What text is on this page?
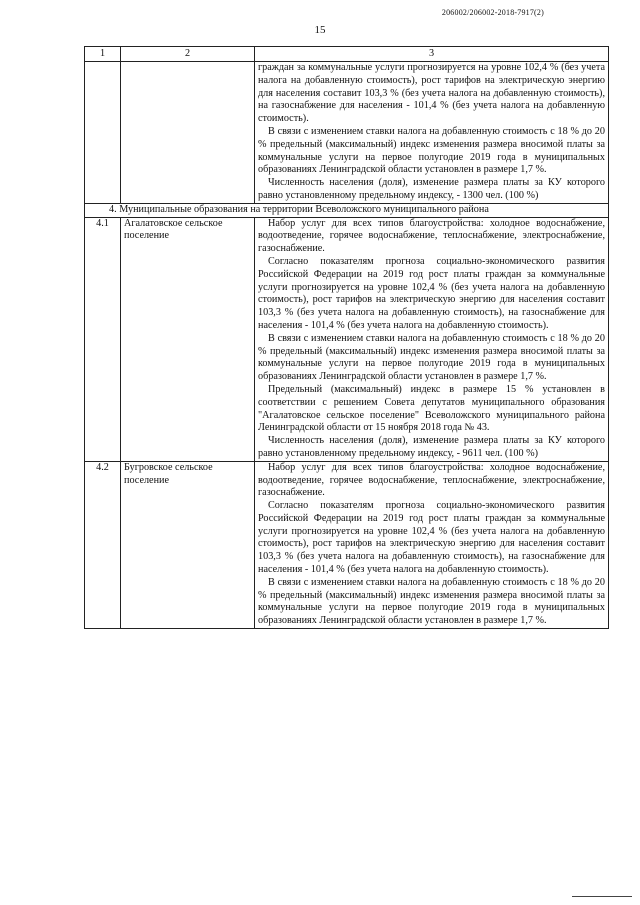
206002/206002-2018-7917(2)
15
1	2	3

		граждан за коммунальные услуги прогнозируется на уровне 102,4 % (без учета налога на добавленную стоимость), рост тарифов на электрическую энергию для населения составит 103,3 % (без учета налога на добавленную стоимость), на газоснабжение для населения - 101,4 % (без учета налога на добавленную стоимость).

В связи с изменением ставки налога на добавленную стоимость с 18 % до 20 % предельный (максимальный) индекс изменения размера вносимой платы за коммунальные услуги на первое полугодие 2019 года в муниципальных образованиях Ленинградской области установлен в размере 1,7 %.

Численность населения (доля), изменение размера платы за КУ которого равно установленному предельному индексу, - 1300 чел. (100 %)

4. Муниципальные образования на территории Всеволожского муниципального района		
4.1	Агалатовское сельское поселение	Набор услуг для всех типов благоустройства: холодное водоснабжение, водоотведение, горячее водоснабжение, теплоснабжение, электроснабжение, газоснабжение.

Согласно показателям прогноза социально-экономического развития Российской Федерации на 2019 год рост платы граждан за коммунальные услуги прогнозируется на уровне 102,4 % (без учета налога на добавленную стоимость), рост тарифов на электрическую энергию для населения составит 103,3 % (без учета налога на добавленную стоимость), на газоснабжение для населения - 101,4 % (без учета налога на добавленную стоимость).

В связи с изменением ставки налога на добавленную стоимость с 18 % до 20 % предельный (максимальный) индекс изменения размера вносимой платы за коммунальные услуги на первое полугодие 2019 года в муниципальных образованиях Ленинградской области установлен в размере 1,7 %.

Предельный (максимальный) индекс в размере 15 % установлен в соответствии с решением Совета депутатов муниципального образования "Агалатовское сельское поселение" Всеволожского муниципального района Ленинградской области от 15 ноября 2018 года № 43.

Численность населения (доля), изменение размера платы за КУ которого равно установленному предельному индексу, - 9611 чел. (100 %)

4.2	Бугровское сельское поселение	Набор услуг для всех типов благоустройства: холодное водоснабжение, водоотведение, горячее водоснабжение, теплоснабжение, электроснабжение, газоснабжение.

Согласно показателям прогноза социально-экономического развития Российской Федерации на 2019 год рост платы граждан за коммунальные услуги прогнозируется на уровне 102,4 % (без учета налога на добавленную стоимость), рост тарифов на электрическую энергию для населения составит 103,3 % (без учета налога на добавленную стоимость), на газоснабжение для населения - 101,4 % (без учета налога на добавленную стоимость).

В связи с изменением ставки налога на добавленную стоимость с 18 % до 20 % предельный (максимальный) индекс изменения размера вносимой платы за коммунальные услуги на первое полугодие 2019 года в муниципальных образованиях Ленинградской области установлен в размере 1,7 %.
